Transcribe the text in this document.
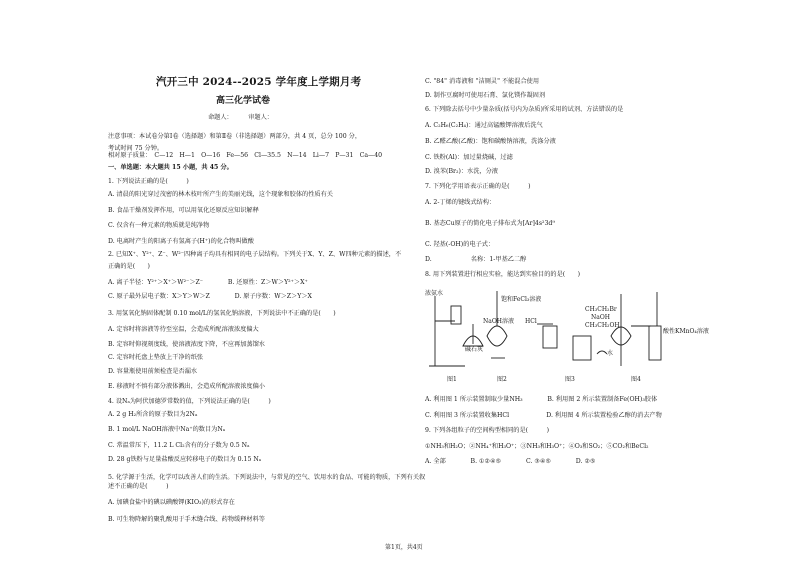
汽开三中 2024--2025 学年度上学期月考
高三化学试卷
命题人：　　　审题人：
注意事项：本试卷分第Ⅰ卷（选择题）和第Ⅱ卷（非选择题）两部分，共 4 页，总分 100 分，
考试时间 75 分钟。
相对原子质量：　C—12　H—1　O—16　Fe—56　Cl—35.5　N—14　Li—7　P—31　Ca—40
一、单选题：本大题共 15 小题，共 45 分。
1. 下列说法正确的是(　　　)
A. 清晨的阳光穿过茂密的林木枝叶所产生的美丽光线，这个现象和胶体的性质有关
B. 食品干燥剂发挥作用，可以用氧化还原反应知识解释
C. 仅含有一种元素的物质就是纯净物
D. 电离时产生的阳离子有氢离子(H⁺)的化合物叫做酸
2. 已知X⁺、Y²⁺、Z⁻、W²⁻四种离子均具有相同的电子层结构。下列关于X、Y、Z、W四种元素的描述，不
正确的是(　　)
A. 离子半径：Y²⁺＞X⁺＞W²⁻＞Z⁻　　　　B. 还原性：Z＞W＞Y²⁺＞X⁺
C. 原子最外层电子数：X＞Y＞W＞Z　　　　D. 原子序数：W＞Z＞Y＞X
3. 用氢氧化钠固体配制 0.10 mol/L的氢氧化钠溶液，下列说法中不正确的是(　　)
A. 定容时将溶液等待至室温，会造成所配溶液浓度偏大
B. 定容时仰视刻度线，使溶液浓度下降，不应再加蒸馏水
C. 定容时托盘上垫放上干净的纸张
D. 容量瓶使用前须检查是否漏水
E. 移液时不慎有部分液体溅出，会造成所配溶液浓度偏小
4. 设Nₐ为阿伏加德罗常数的值，下列说法正确的是(　　　)
A. 2 g H₂所含的原子数目为2Nₐ
B. 1 mol/L NaOH溶液中Na⁺的数目为Nₐ
C. 常温常压下，11.2 L Cl₂含有的分子数为 0.5 Nₐ
D. 28 g铁粉与足量盐酸反应转移电子的数目为 0.15 Nₐ
5. 化学源于生活，化学可以改善人们的生活。下列说法中，与常见的空气、饮用水的食品、可能的物质，下列有关叙
述不正确的是(　　　)
A. 加碘食盐中的碘以碘酸钾(KIO₃)的形式存在
B. 可生物降解的聚乳酸用于手术缝合线、药物缓释材料等
C. "84" 消毒液和 "洁厕灵" 不能混合使用
D. 制作豆腐时可使用石膏、氯化镁作凝固剂
6. 下列除去括号中少量杂质(括号内为杂质)所采用的试剂、方法错误的是
A. C₂H₆(C₂H₄)：通过高锰酸钾溶液后洗气
B. 乙醛乙酸(乙酸)：饱和碳酸钠溶液，洗涤分液
C. 铁粉(Al)：加过量烧碱，过滤
D. 溴苯(Br₂)：水洗，分液
7. 下列化学用语表示正确的是(　　　)
A. 2-丁烯的键线式结构：
B. 基态Cu原子的简化电子排布式为[Ar]4s²3d⁹
C. 羟基(-OH)的电子式：
D. 　　　　　　名称：1-甲基乙二醇
8. 用下列装置进行相应实验，能达到实验目的的是(　　)
A. 利用图 1 所示装置制取少量NH₃　　　　B. 利用图 2 所示装置制备Fe(OH)₃胶体
C. 利用图 3 所示装置收集HCl　　　　　　D. 利用图 4 所示装置检验乙醇的消去产物
9. 下列各组粒子的空间构型相同的是(　　　)
①NH₃和H₂O；②NH₄⁺和H₃O⁺；③NH₃和H₃O⁺；④O₃和SO₂；⑤CO₂和BeCl₂
A. 全部　　　　B. ①②④⑤　　　　C. ③④⑤　　　　D. ②⑤
浓氨水
碱石灰
NaOH溶液
饱和FeCl₃溶液
HCl
水
CH₃CH₂Br
NaOH
CH₃CH₂OH
酸性KMnO₄溶液
图1	图2	图3	图4
第1页，共4页
